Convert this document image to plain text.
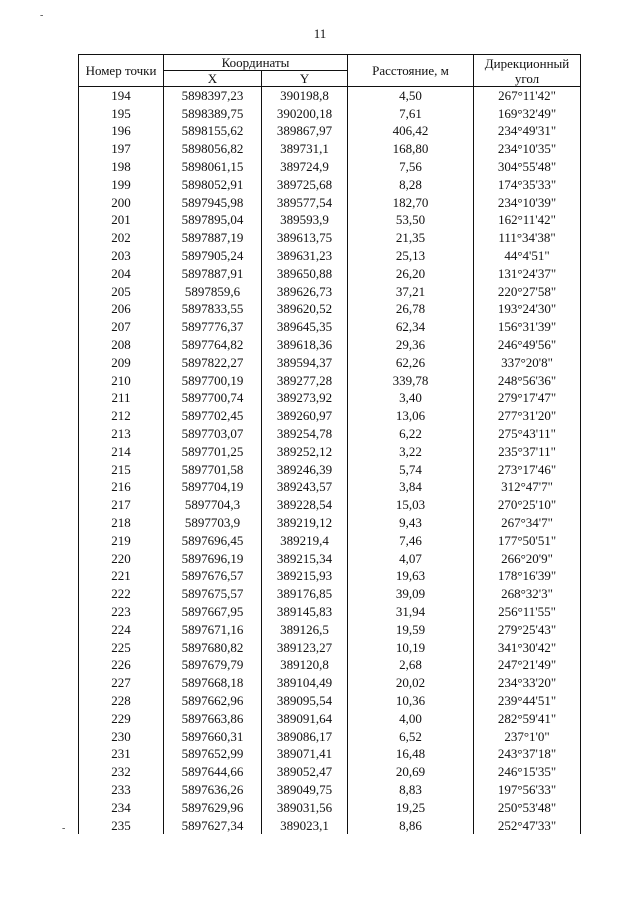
11
-
-
Номер точки	Координаты		Расстояние, м	Дирекционный угол
	X	Y		
194	5898397,23	390198,8	4,50	267°11'42"
195	5898389,75	390200,18	7,61	169°32'49"
196	5898155,62	389867,97	406,42	234°49'31"
197	5898056,82	389731,1	168,80	234°10'35"
198	5898061,15	389724,9	7,56	304°55'48"
199	5898052,91	389725,68	8,28	174°35'33"
200	5897945,98	389577,54	182,70	234°10'39"
201	5897895,04	389593,9	53,50	162°11'42"
202	5897887,19	389613,75	21,35	111°34'38"
203	5897905,24	389631,23	25,13	44°4'51"
204	5897887,91	389650,88	26,20	131°24'37"
205	5897859,6	389626,73	37,21	220°27'58"
206	5897833,55	389620,52	26,78	193°24'30"
207	5897776,37	389645,35	62,34	156°31'39"
208	5897764,82	389618,36	29,36	246°49'56"
209	5897822,27	389594,37	62,26	337°20'8"
210	5897700,19	389277,28	339,78	248°56'36"
211	5897700,74	389273,92	3,40	279°17'47"
212	5897702,45	389260,97	13,06	277°31'20"
213	5897703,07	389254,78	6,22	275°43'11"
214	5897701,25	389252,12	3,22	235°37'11"
215	5897701,58	389246,39	5,74	273°17'46"
216	5897704,19	389243,57	3,84	312°47'7"
217	5897704,3	389228,54	15,03	270°25'10"
218	5897703,9	389219,12	9,43	267°34'7"
219	5897696,45	389219,4	7,46	177°50'51"
220	5897696,19	389215,34	4,07	266°20'9"
221	5897676,57	389215,93	19,63	178°16'39"
222	5897675,57	389176,85	39,09	268°32'3"
223	5897667,95	389145,83	31,94	256°11'55"
224	5897671,16	389126,5	19,59	279°25'43"
225	5897680,82	389123,27	10,19	341°30'42"
226	5897679,79	389120,8	2,68	247°21'49"
227	5897668,18	389104,49	20,02	234°33'20"
228	5897662,96	389095,54	10,36	239°44'51"
229	5897663,86	389091,64	4,00	282°59'41"
230	5897660,31	389086,17	6,52	237°1'0"
231	5897652,99	389071,41	16,48	243°37'18"
232	5897644,66	389052,47	20,69	246°15'35"
233	5897636,26	389049,75	8,83	197°56'33"
234	5897629,96	389031,56	19,25	250°53'48"
235	5897627,34	389023,1	8,86	252°47'33"
